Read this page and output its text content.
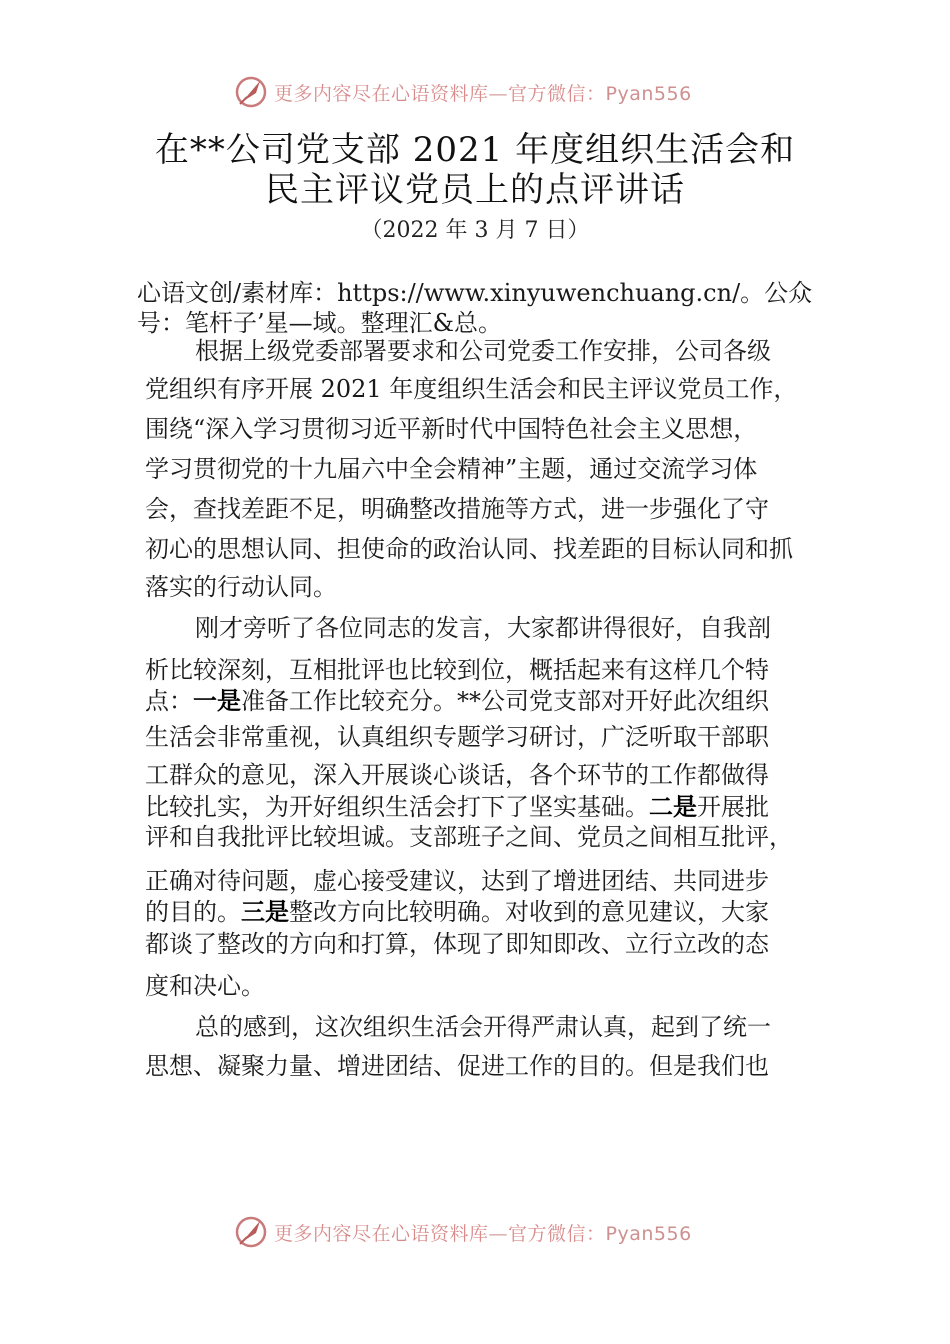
更多内容尽在心语资料库—官方微信：Pyan556
在**公司党支部 2021 年度组织生活会和
民主评议党员上的点评讲话
（2022 年 3 月 7 日）
心语文创/素材库：https://www.xinyuwenchuang.cn/。公众
号：笔杆子’星—域。整理汇&总。
根据上级党委部署要求和公司党委工作安排，公司各级
党组织有序开展 2021 年度组织生活会和民主评议党员工作，
围绕“深入学习贯彻习近平新时代中国特色社会主义思想，
学习贯彻党的十九届六中全会精神”主题，通过交流学习体
会，查找差距不足，明确整改措施等方式，进一步强化了守
初心的思想认同、担使命的政治认同、找差距的目标认同和抓
落实的行动认同。
刚才旁听了各位同志的发言，大家都讲得很好，自我剖
析比较深刻，互相批评也比较到位，概括起来有这样几个特
点：一是准备工作比较充分。**公司党支部对开好此次组织
生活会非常重视，认真组织专题学习研讨，广泛听取干部职
工群众的意见，深入开展谈心谈话，各个环节的工作都做得
比较扎实，为开好组织生活会打下了坚实基础。二是开展批
评和自我批评比较坦诚。支部班子之间、党员之间相互批评，
正确对待问题，虚心接受建议，达到了增进团结、共同进步
的目的。三是整改方向比较明确。对收到的意见建议，大家
都谈了整改的方向和打算，体现了即知即改、立行立改的态
度和决心。
总的感到，这次组织生活会开得严肃认真，起到了统一
思想、凝聚力量、增进团结、促进工作的目的。但是我们也
更多内容尽在心语资料库—官方微信：Pyan556
